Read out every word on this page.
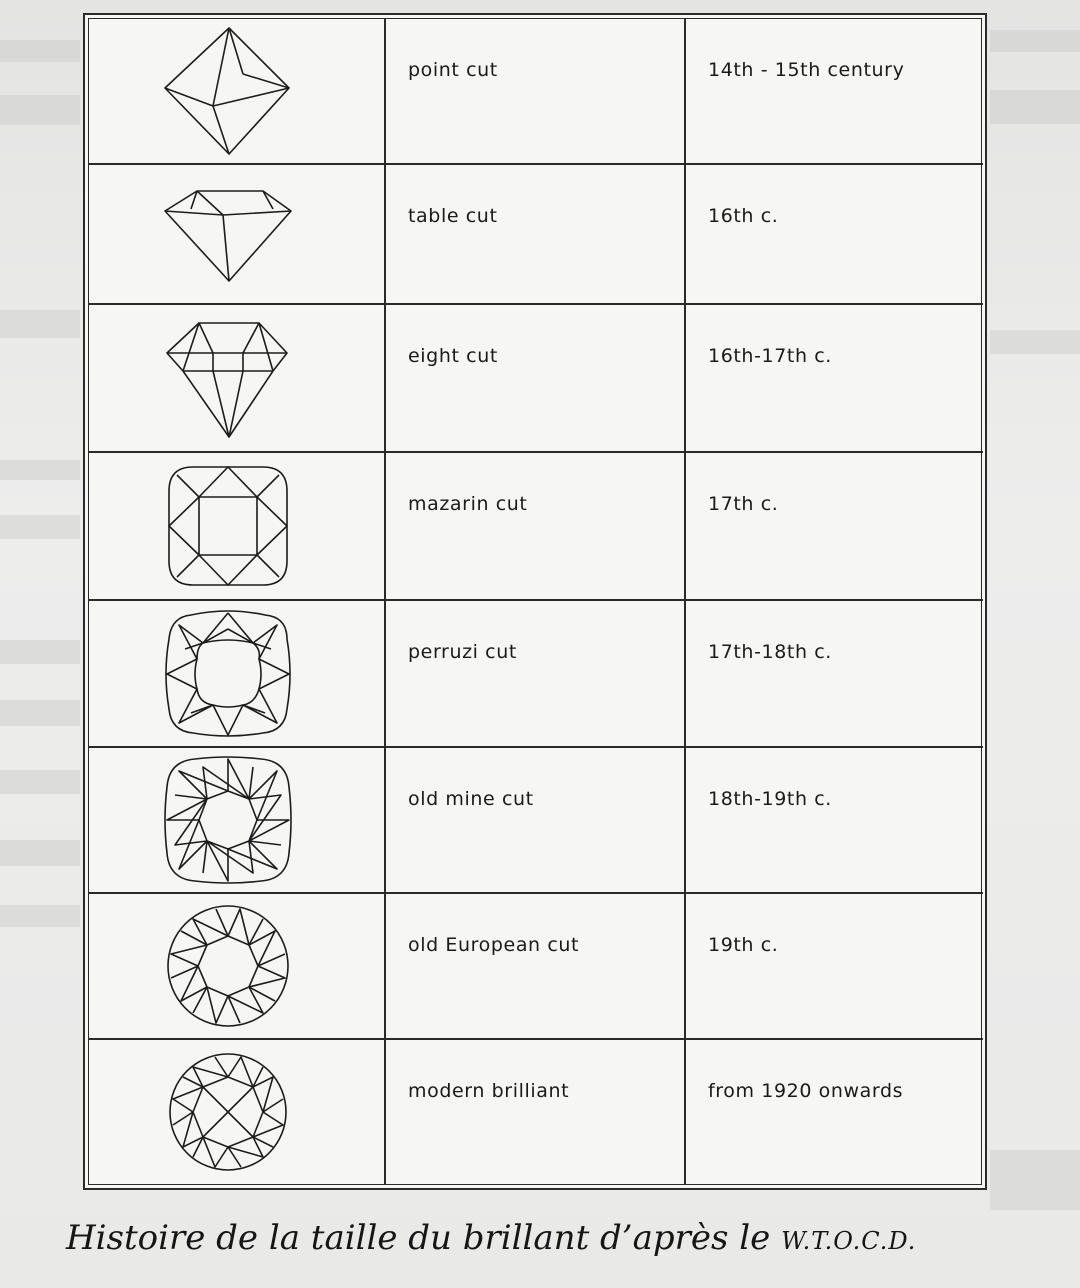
point cut	14th - 15th century
table cut	16th c.
eight cut	16th-17th c.
mazarin cut	17th c.
perruzi cut	17th-18th c.
old mine cut	18th-19th c.
old European cut	19th c.
modern brilliant	from 1920 onwards
Histoire de la taille du brillant d’après le W.T.O.C.D.
